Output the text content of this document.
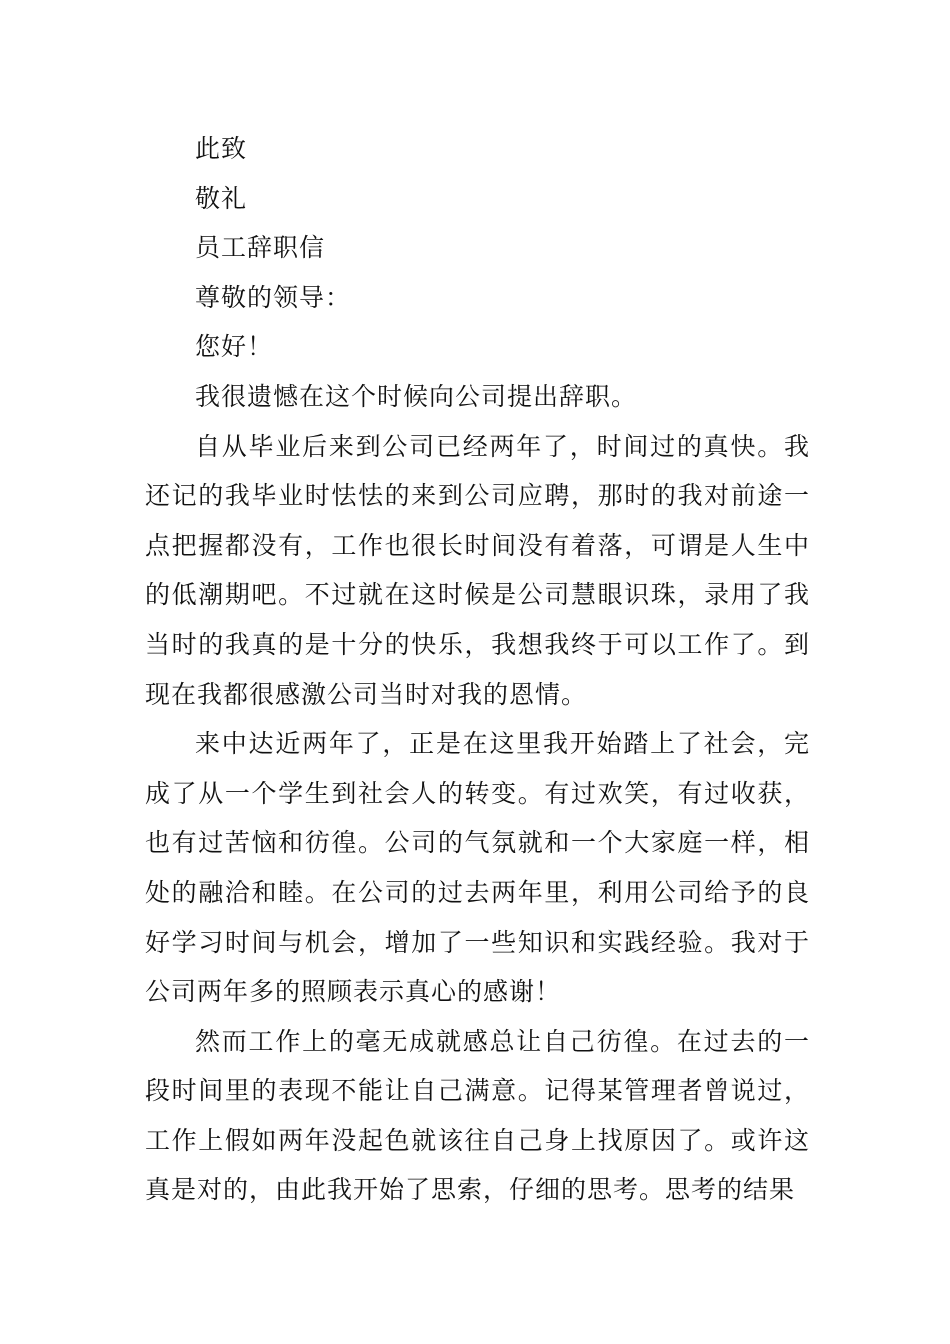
此致

敬礼

员工辞职信

尊敬的领导：

您好！

我很遗憾在这个时候向公司提出辞职。

自从毕业后来到公司已经两年了，时间过的真快。我还记的我毕业时怯怯的来到公司应聘，那时的我对前途一点把握都没有，工作也很长时间没有着落，可谓是人生中的低潮期吧。不过就在这时候是公司慧眼识珠，录用了我当时的我真的是十分的快乐，我想我终于可以工作了。到现在我都很感激公司当时对我的恩情。

来中达近两年了，正是在这里我开始踏上了社会，完成了从一个学生到社会人的转变。有过欢笑，有过收获，也有过苦恼和彷徨。公司的气氛就和一个大家庭一样，相处的融洽和睦。在公司的过去两年里，利用公司给予的良好学习时间与机会，增加了一些知识和实践经验。我对于公司两年多的照顾表示真心的感谢！

然而工作上的毫无成就感总让自己彷徨。在过去的一段时间里的表现不能让自己满意。记得某管理者曾说过，工作上假如两年没起色就该往自己身上找原因了。或许这真是对的，由此我开始了思索，仔细的思考。思考的结果
